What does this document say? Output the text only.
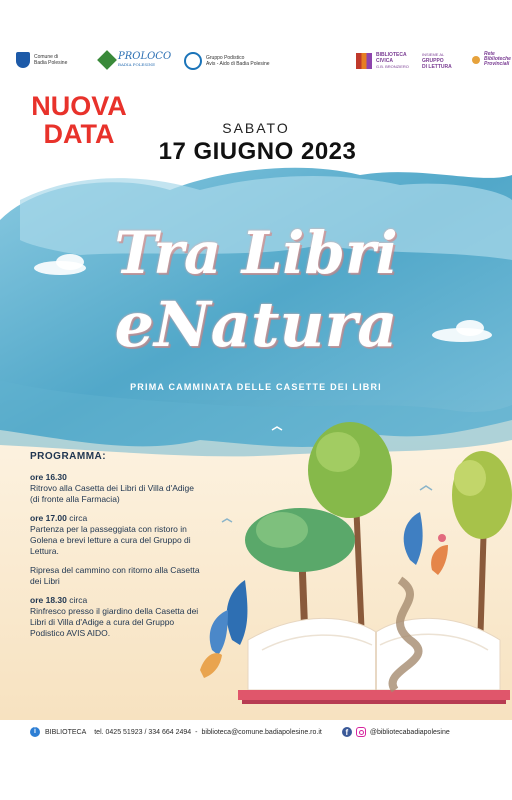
Comune di
Badia Polesine
PROLOCO
BADIA POLESINE
Gruppo Podistico
Avis - Aido di Badia Polesine
BIBLIOTECA
CIVICA
G.B. BRONZIERO
INSIEME AL
GRUPPO
DI LETTURA
Rete
Biblioteche
Provinciali
NUOVA
DATA	SABATO
17 GIUGNO 2023
Tra Libri
eNatura
PRIMA CAMMINATA DELLE CASETTE DEI LIBRI
PROGRAMMA:
ore 16.30
Ritrovo alla Casetta dei Libri di Villa d'Adige (di fronte alla Farmacia)
ore 17.00 circa
Partenza per la passeggiata con ristoro in Golena e brevi letture a cura del Gruppo di Lettura.
Ripresa del cammino con ritorno alla Casetta dei Libri
ore 18.30 circa
Rinfresco presso il giardino della Casetta dei Libri di Villa d'Adige a cura del Gruppo Podistico AVIS AIDO.
i	BIBLIOTECA tel. 0425 51923 / 334 664 2494 - biblioteca@comune.badiapolesine.ro.it	f	@bibliotecabadiapolesine
